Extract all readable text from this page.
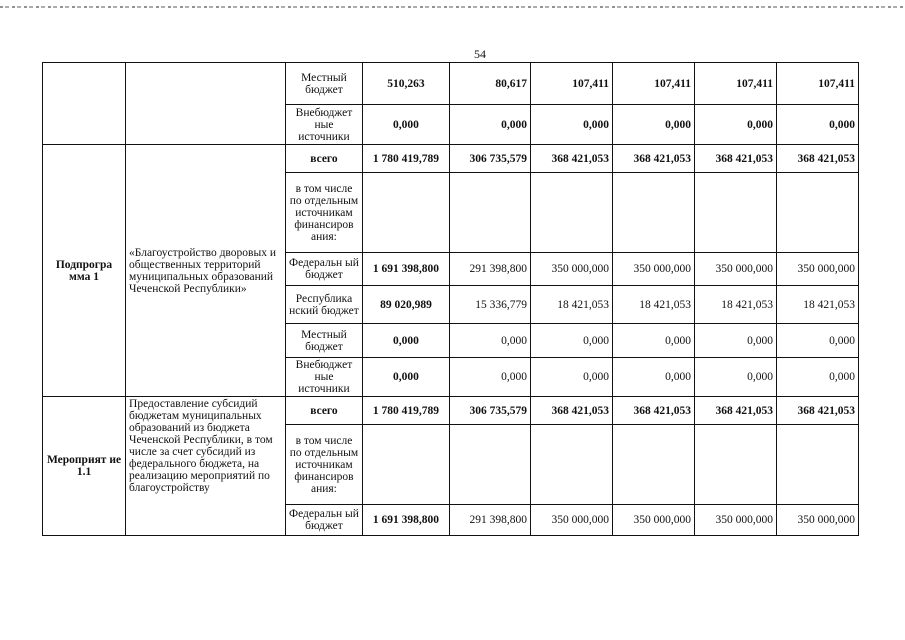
54
		Местный бюджет	510,263	80,617	107,411	107,411	107,411	107,411
		Внебюджет ные источники	0,000	0,000	0,000	0,000	0,000	0,000
Подпрогра мма 1	«Благоустройство дворовых и общественных территорий муниципальных образований Чеченской Республики»	всего	1 780 419,789	306 735,579	368 421,053	368 421,053	368 421,053	368 421,053
		в том числе по отдельным источникам финансиров ания:						
		Федеральн ый бюджет	1 691 398,800	291 398,800	350 000,000	350 000,000	350 000,000	350 000,000
		Республика нский бюджет	89 020,989	15 336,779	18 421,053	18 421,053	18 421,053	18 421,053
		Местный бюджет	0,000	0,000	0,000	0,000	0,000	0,000
		Внебюджет ные источники	0,000	0,000	0,000	0,000	0,000	0,000
Мероприят ие 1.1	Предоставление субсидий бюджетам муниципальных образований из бюджета Чеченской Республики, в том числе за счет субсидий из федерального бюджета, на реализацию мероприятий по благоустройству	всего	1 780 419,789	306 735,579	368 421,053	368 421,053	368 421,053	368 421,053
		в том числе по отдельным источникам финансиров ания:						
		Федеральн ый бюджет	1 691 398,800	291 398,800	350 000,000	350 000,000	350 000,000	350 000,000
